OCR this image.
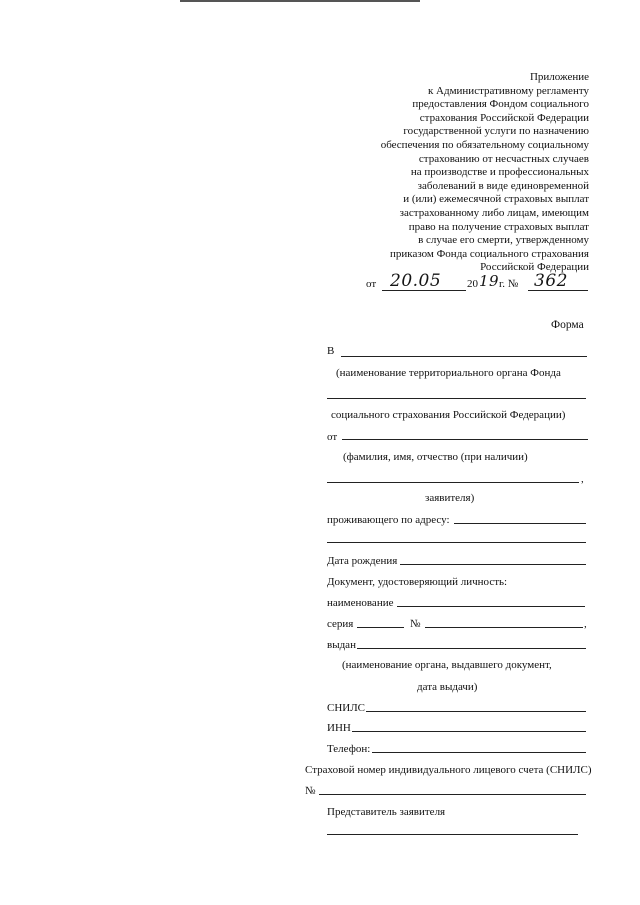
Приложение
к Административному регламенту
предоставления Фондом социального
страхования Российской Федерации
государственной услуги по назначению
обеспечения по обязательному социальному
страхованию от несчастных случаев
на производстве и профессиональных
заболеваний в виде единовременной
и (или) ежемесячной страховых выплат
застрахованному либо лицам, имеющим
право на получение страховых выплат
в случае его смерти, утвержденному
приказом Фонда социального страхования
Российской Федерации
от 20.05 20 19 г. № 362
Форма
В
(наименование территориального органа Фонда
социального страхования Российской Федерации)
от
(фамилия, имя, отчество (при наличии)
,
заявителя)
проживающего по адресу:
Дата рождения
Документ, удостоверяющий личность:
наименование
серия	№	,
выдан
(наименование органа, выдавшего документ,
дата выдачи)
СНИЛС
ИНН
Телефон:
Страховой номер индивидуального лицевого счета (СНИЛС)
№
Представитель заявителя
